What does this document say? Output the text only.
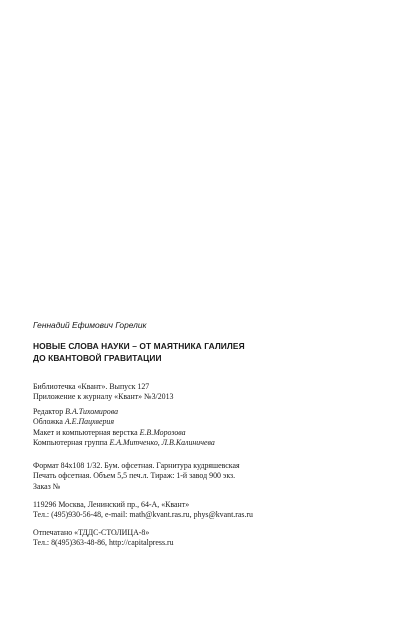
Геннадий Ефимович Горелик
НОВЫЕ СЛОВА НАУКИ – ОТ МАЯТНИКА ГАЛИЛЕЯ
ДО КВАНТОВОЙ ГРАВИТАЦИИ
Библиотечка «Квант». Выпуск 127
Приложение к журналу «Квант» №3/2013
Редактор В.А.Тихомирова
Обложка А.Е.Пацхверия
Макет и компьютерная верстка Е.В.Морозова
Компьютерная группа Е.А.Митченко, Л.В.Калиничева
Формат 84х108 1/32. Бум. офсетная. Гарнитура кудряшевская
Печать офсетная. Объем 5,5 печ.л. Тираж: 1-й завод 900 экз.
Заказ №
119296 Москва, Ленинский пр., 64-А, «Квант»
Тел.: (495)930-56-48, e-mail: math@kvant.ras.ru, phys@kvant.ras.ru
Отпечатано «ТДДС-СТОЛИЦА-8»
Тел.: 8(495)363-48-86, http://capitalpress.ru
